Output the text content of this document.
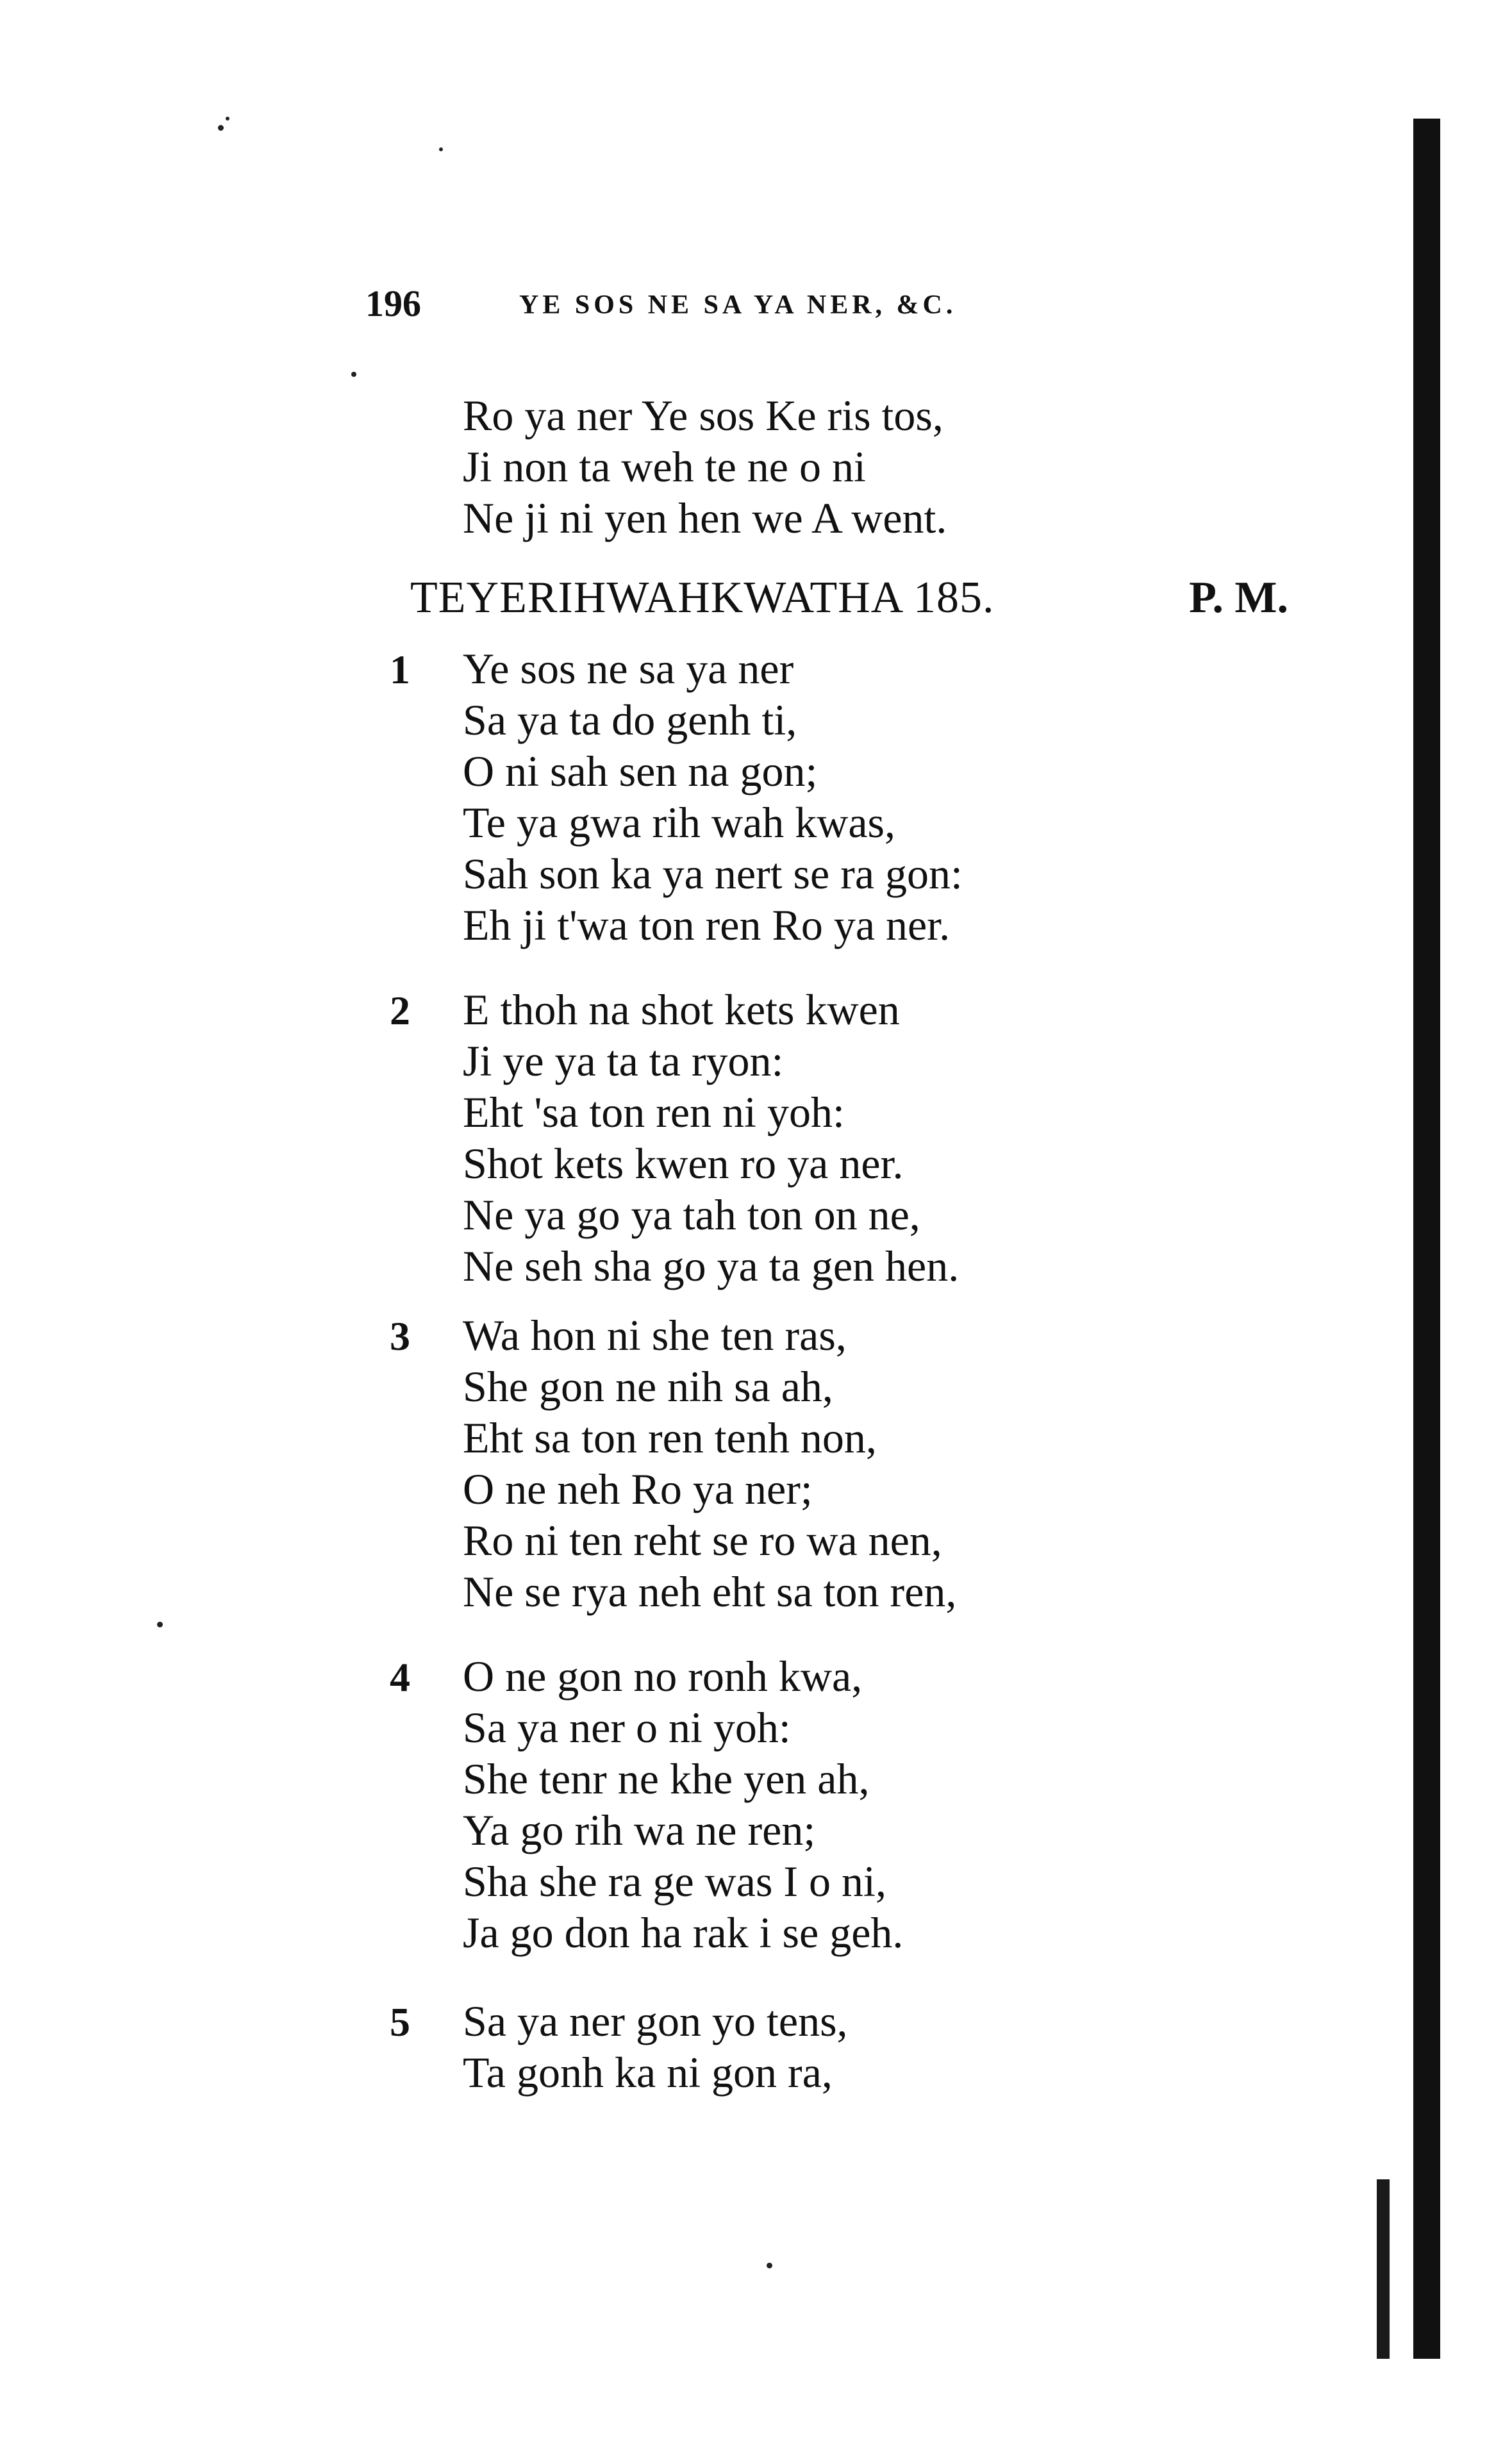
196	YE SOS NE SA YA NER, &C.
Ro ya ner Ye sos Ke ris tos,
Ji non ta weh te ne o ni
Ne ji ni yen hen we A went.
TEYERIHWAHKWATHA 185.	P. M.
1 Ye sos ne sa ya ner
Sa ya ta do genh ti,
O ni sah sen na gon;
Te ya gwa rih wah kwas,
Sah son ka ya nert se ra gon:
Eh ji t'wa ton ren Ro ya ner.
2 E thoh na shot kets kwen
Ji ye ya ta ta ryon:
Eht 'sa ton ren ni yoh:
Shot kets kwen ro ya ner.
Ne ya go ya tah ton on ne,
Ne seh sha go ya ta gen hen.
3 Wa hon ni she ten ras,
She gon ne nih sa ah,
Eht sa ton ren tenh non,
O ne neh Ro ya ner;
Ro ni ten reht se ro wa nen,
Ne se rya neh eht sa ton ren,
4 O ne gon no ronh kwa,
Sa ya ner o ni yoh:
She tenr ne khe yen ah,
Ya go rih wa ne ren;
Sha she ra ge was I o ni,
Ja go don ha rak i se geh.
5 Sa ya ner gon yo tens,
Ta gonh ka ni gon ra,
